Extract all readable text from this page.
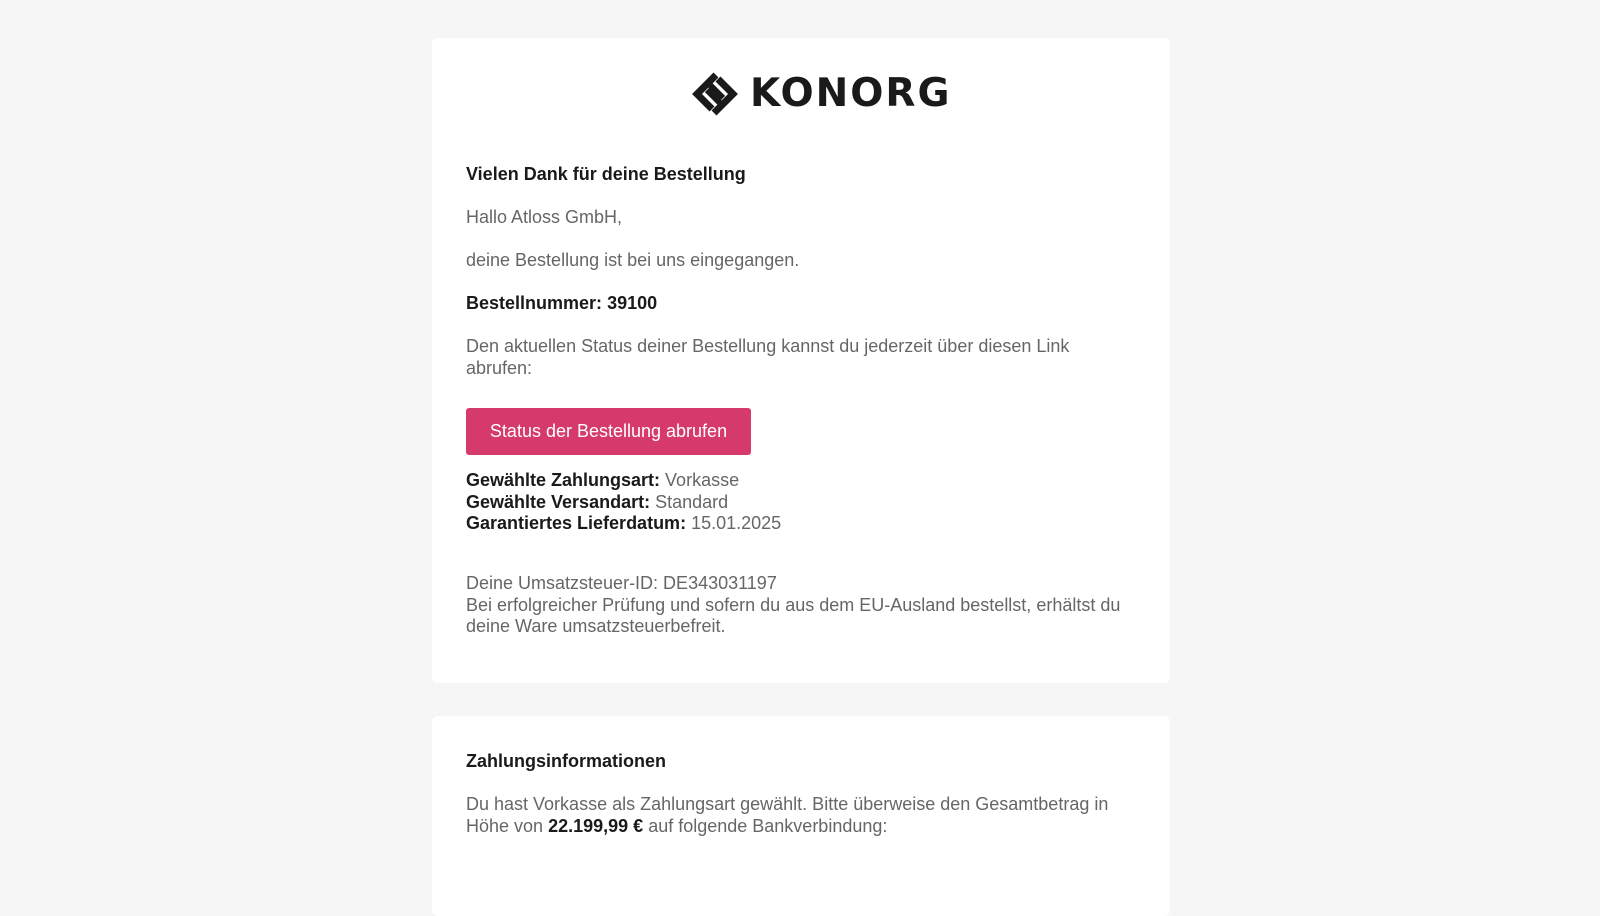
KONORG

Vielen Dank für deine Bestellung

Hallo Atloss GmbH,

deine Bestellung ist bei uns eingegangen.

Bestellnummer: 39100

Den aktuellen Status deiner Bestellung kannst du jederzeit über diesen Link abrufen:

Status der Bestellung abrufen
Gewählte Zahlungsart: Vorkasse
Gewählte Versandart: Standard
Garantiertes Lieferdatum: 15.01.2025
Deine Umsatzsteuer-ID: DE343031197
Bei erfolgreicher Prüfung und sofern du aus dem EU-Ausland bestellst, erhältst du deine Ware umsatzsteuerbefreit.

Zahlungsinformationen

Du hast Vorkasse als Zahlungsart gewählt. Bitte überweise den Gesamtbetrag in Höhe von 22.199,99 € auf folgende Bankverbindung:
